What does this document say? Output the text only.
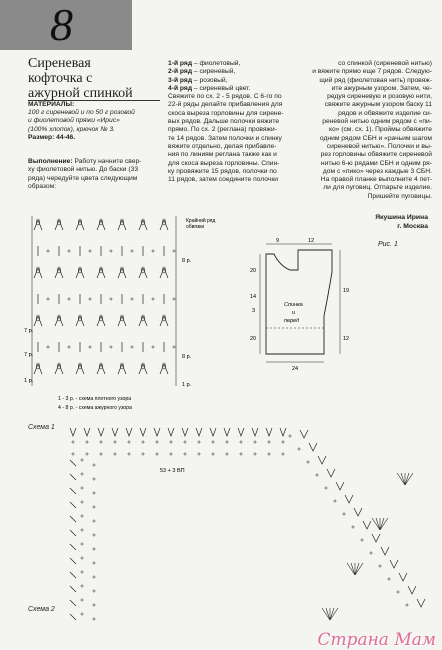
8
Сиреневая
кофточка с
ажурной спинкой
МАТЕРИАЛЫ:
100 г сиреневой и по 50 г розовой
и фиолетовой пряжи «Ирис»
(100% хлопок), крючок № 3.
Размер: 44-46.
Выполнение: Работу начните свер-
ху фиолетовой нитью. До баски (33
ряда) чередуйте цвета следующим
образом:
1-й ряд – фиолетовый,
2-й ряд – сиреневый,
3-й ряд – розовый,
4-й ряд – сиреневый цвет.
Свяжите по сх. 2 - 5 рядов. С 6-го по
22-й ряды делайте прибавления для
скоса выреза горловины для сирене-
вых рядов. Дальше полочки вяжите
прямо. По сх. 2 (реглана) провяжи-
те 14 рядов. Затем полочки и спинку
вяжите отдельно, делая прибавле-
ния по линиям реглана также как и
для скоса выреза горловины. Спин-
ку провяжите 15 рядов, полочки по
11 рядов, затем соедините полочки
со спинкой (сиреневой нитью)
и вяжите прямо еще 7 рядов. Следую-
щий ряд (фиолетовая нить) провяж-
ите ажурным узором. Затем, че-
редуя сиреневую и розовую нити,
свяжите ажурным узором баску 11
рядов и обвяжите изделие си-
реневой нитью одним рядом с «пи-
ко» (см. сх. 1). Проймы обвяжите
одним рядом СБН и «рачьим шагом
сиреневой нитью». Полочки и вы-
рез горловины обвяжите сиреневой
нитью 6-ю рядами СБН и одним ря-
дом с «пико» через каждые 3 СБН.
На правой планке выполните 4 пет-
ли для пуговиц. Отпарьте изделие.
Пришейте пуговицы.
Якушина Ирина
г. Москва
Крайний ряд
обвязки
7 р.
8 р.
7 р.
1 р.
8 р.
1 р.
1 - 3 р. - схема плотного узора
4 - 8 р. - схема ажурного узора
Схема 1
9	12
20
14
3
20
19
12
24
Спинка
и
перед
Рис. 1
53 + 3 ВП
Схема 2
Страна Мам
